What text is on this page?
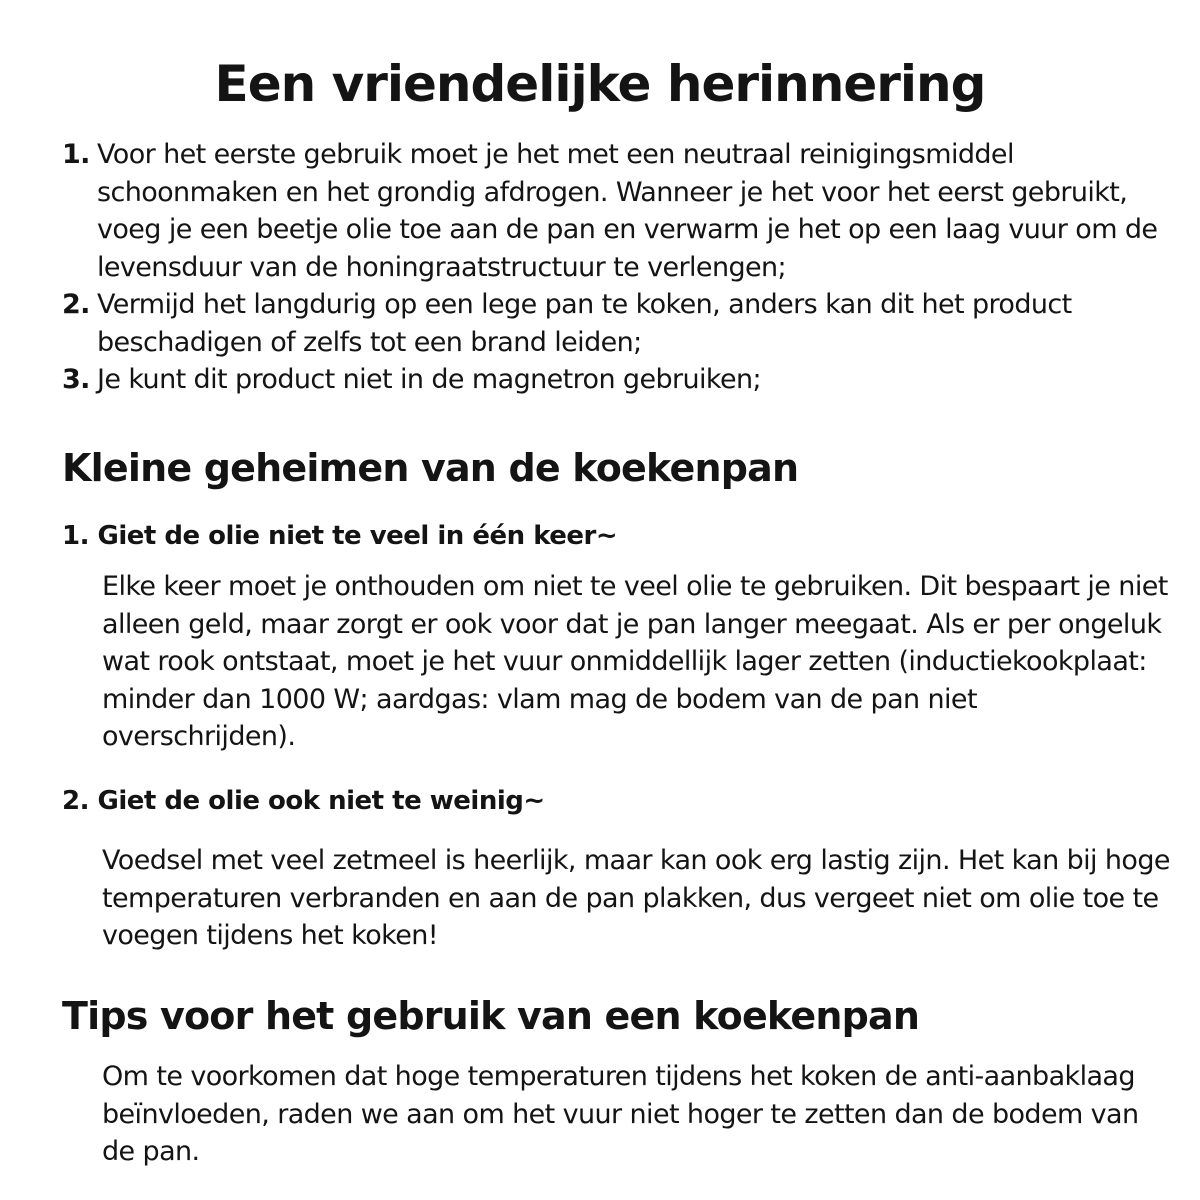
Een vriendelijke herinnering
1. Voor het eerste gebruik moet je het met een neutraal reinigingsmiddel schoonmaken en het grondig afdrogen. Wanneer je het voor het eerst gebruikt, voeg je een beetje olie toe aan de pan en verwarm je het op een laag vuur om de levensduur van de honingraatstructuur te verlengen;
2. Vermijd het langdurig op een lege pan te koken, anders kan dit het product beschadigen of zelfs tot een brand leiden;
3. Je kunt dit product niet in de magnetron gebruiken;
Kleine geheimen van de koekenpan
1. Giet de olie niet te veel in één keer~

Elke keer moet je onthouden om niet te veel olie te gebruiken. Dit bespaart je niet alleen geld, maar zorgt er ook voor dat je pan langer meegaat. Als er per ongeluk wat rook ontstaat, moet je het vuur onmiddellijk lager zetten (inductiekookplaat: minder dan 1000 W; aardgas: vlam mag de bodem van de pan niet overschrijden).

2. Giet de olie ook niet te weinig~

Voedsel met veel zetmeel is heerlijk, maar kan ook erg lastig zijn. Het kan bij hoge temperaturen verbranden en aan de pan plakken, dus vergeet niet om olie toe te voegen tijdens het koken!

Tips voor het gebruik van een koekenpan

Om te voorkomen dat hoge temperaturen tijdens het koken de anti-aanbaklaag beïnvloeden, raden we aan om het vuur niet hoger te zetten dan de bodem van de pan.
